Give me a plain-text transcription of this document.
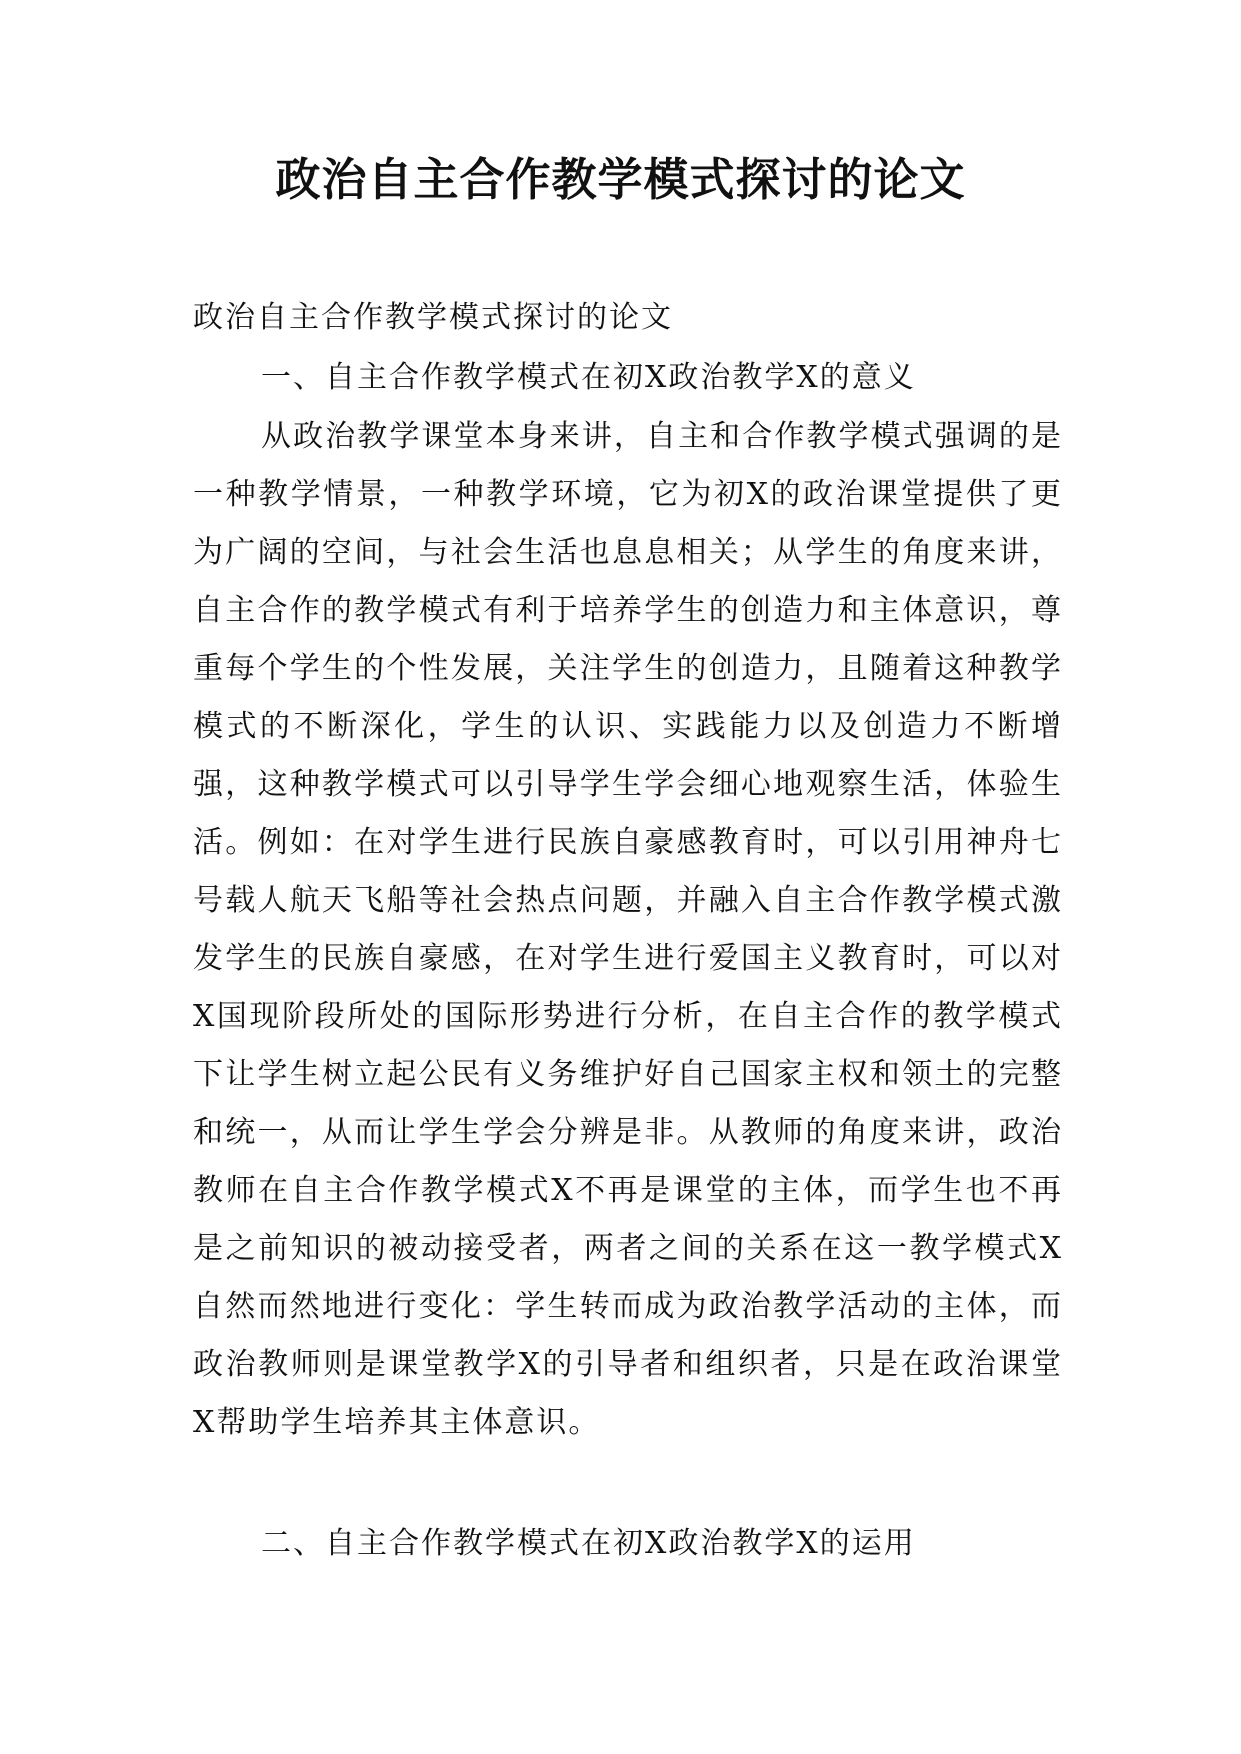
政治自主合作教学模式探讨的论文

政治自主合作教学模式探讨的论文

一、自主合作教学模式在初X政治教学X的意义

从政治教学课堂本身来讲，自主和合作教学模式强调的是一种教学情景，一种教学环境，它为初X的政治课堂提供了更为广阔的空间，与社会生活也息息相关；从学生的角度来讲，自主合作的教学模式有利于培养学生的创造力和主体意识，尊重每个学生的个性发展，关注学生的创造力，且随着这种教学模式的不断深化，学生的认识、实践能力以及创造力不断增强，这种教学模式可以引导学生学会细心地观察生活，体验生活。例如：在对学生进行民族自豪感教育时，可以引用神舟七号载人航天飞船等社会热点问题，并融入自主合作教学模式激发学生的民族自豪感，在对学生进行爱国主义教育时，可以对X国现阶段所处的国际形势进行分析，在自主合作的教学模式下让学生树立起公民有义务维护好自己国家主权和领土的完整和统一，从而让学生学会分辨是非。从教师的角度来讲，政治教师在自主合作教学模式X不再是课堂的主体，而学生也不再是之前知识的被动接受者，两者之间的关系在这一教学模式X自然而然地进行变化：学生转而成为政治教学活动的主体，而政治教师则是课堂教学X的引导者和组织者，只是在政治课堂X帮助学生培养其主体意识。

二、自主合作教学模式在初X政治教学X的运用
